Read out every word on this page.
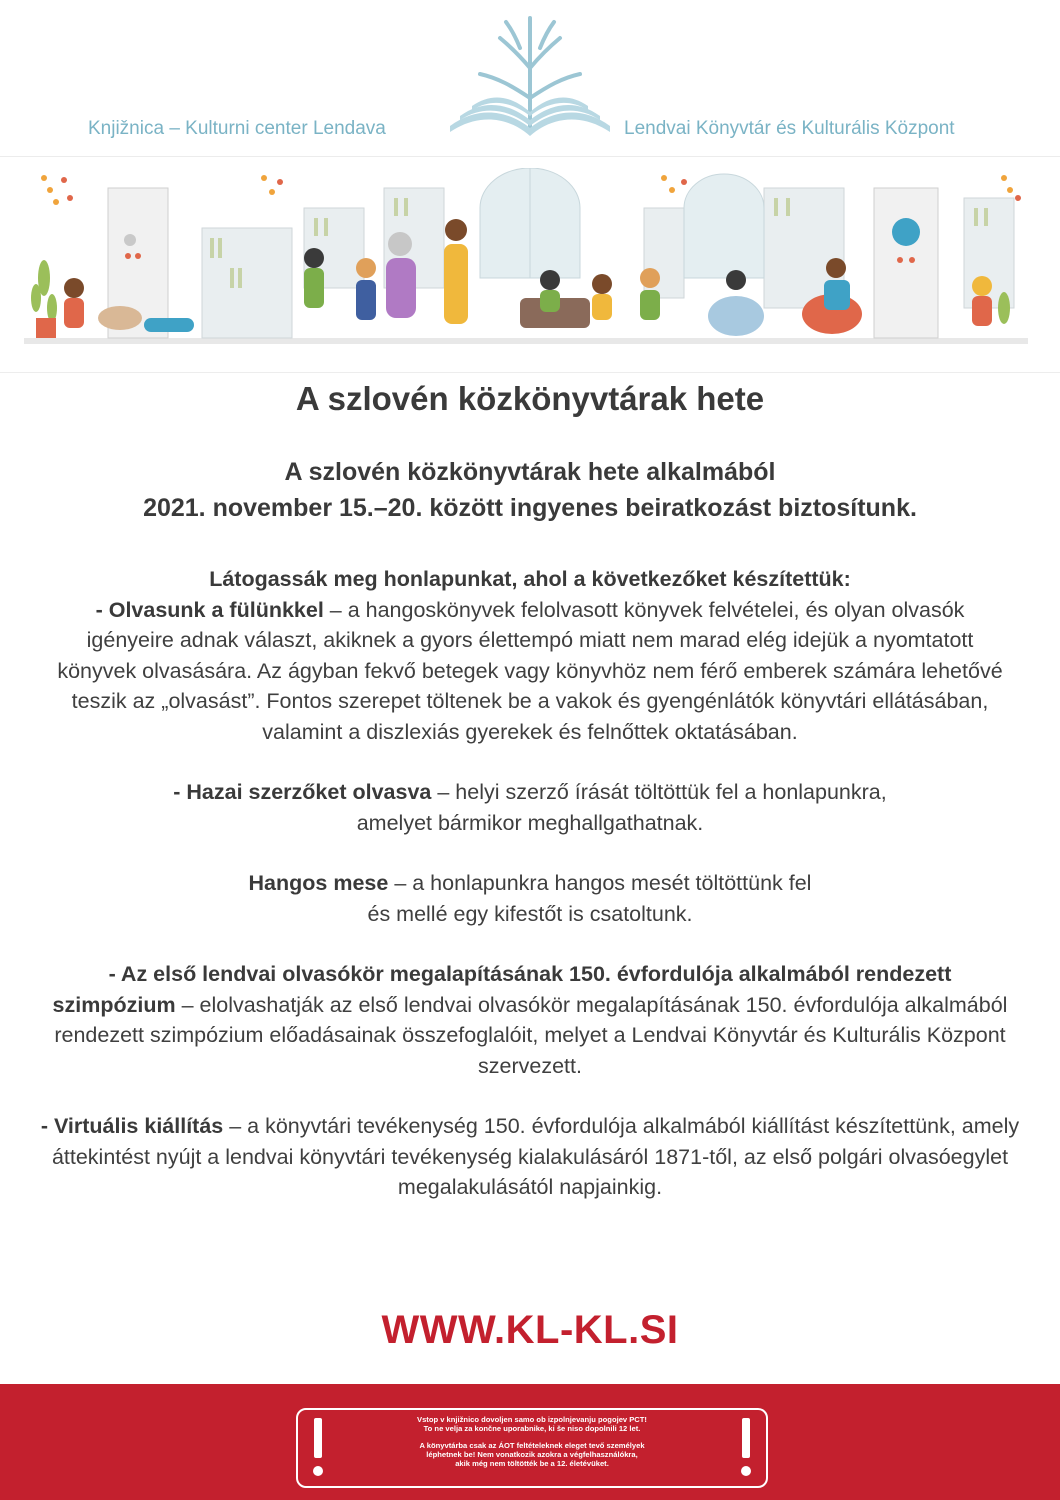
Knjižnica – Kulturni center Lendava	Lendvai Könyvtár és Kulturális Központ
A szlovén közkönyvtárak hete
A szlovén közkönyvtárak hete alkalmából
2021. november 15.–20. között ingyenes beiratkozást biztosítunk.

Látogassák meg honlapunkat, ahol a következőket készítettük:

- Olvasunk a fülünkkel – a hangoskönyvek felolvasott könyvek felvételei, és olyan olvasók igényeire adnak választ, akiknek a gyors élettempó miatt nem marad elég idejük a nyomtatott könyvek olvasására. Az ágyban fekvő betegek vagy könyvhöz nem férő emberek számára lehetővé teszik az „olvasást”. Fontos szerepet töltenek be a vakok és gyengénlátók könyvtári ellátásában, valamint a diszlexiás gyerekek és felnőttek oktatásában.

- Hazai szerzőket olvasva – helyi szerző írását töltöttük fel a honlapunkra, amelyet bármikor meghallgathatnak.

Hangos mese – a honlapunkra hangos mesét töltöttünk fel és mellé egy kifestőt is csatoltunk.

- Az első lendvai olvasókör megalapításának 150. évfordulója alkalmából rendezett szimpózium – elolvashatják az első lendvai olvasókör megalapításának 150. évfordulója alkalmából rendezett szimpózium előadásainak összefoglalóit, melyet a Lendvai Könyvtár és Kulturális Központ szervezett.

- Virtuális kiállítás – a könyvtári tevékenység 150. évfordulója alkalmából kiállítást készítettünk, amely áttekintést nyújt a lendvai könyvtári tevékenység kialakulásáról 1871-től, az első polgári olvasóegylet megalakulásától napjainkig.

WWW.KL-KL.SI
Vstop v knjižnico dovoljen samo ob izpolnjevanju pogojev PCT!
To ne velja za končne uporabnike, ki še niso dopolnili 12 let.
A könyvtárba csak az ÁOT feltételeknek eleget tevő személyek
léphetnek be! Nem vonatkozik azokra a végfelhasználókra,
akik még nem töltötték be a 12. életévüket.
